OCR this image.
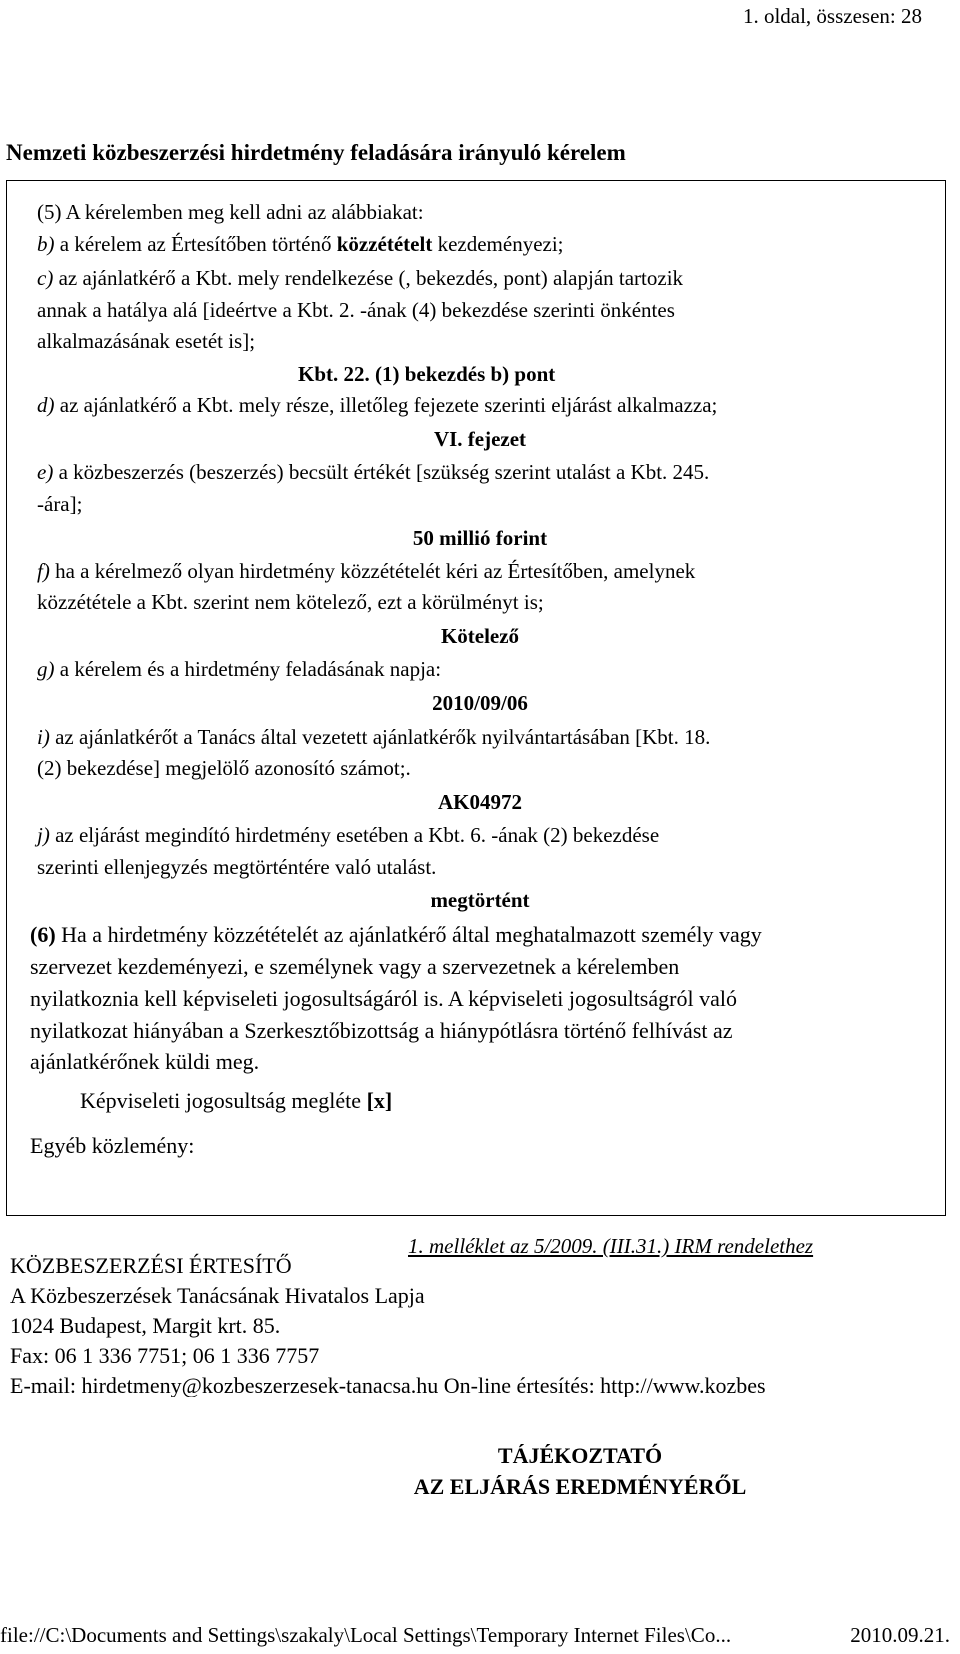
1. oldal, összesen: 28
Nemzeti közbeszerzési hirdetmény feladására irányuló kérelem
(5) A kérelemben meg kell adni az alábbiakat:
b) a kérelem az Értesítőben történő közzétételt kezdeményezi;
c) az ajánlatkérő a Kbt. mely rendelkezése (, bekezdés, pont) alapján tartozik
annak a hatálya alá [ideértve a Kbt. 2. -ának (4) bekezdése szerinti önkéntes
alkalmazásának esetét is];
Kbt. 22. (1) bekezdés b) pont
d) az ajánlatkérő a Kbt. mely része, illetőleg fejezete szerinti eljárást alkalmazza;
VI. fejezet
e) a közbeszerzés (beszerzés) becsült értékét [szükség szerint utalást a Kbt. 245.
-ára];
50 millió forint
f) ha a kérelmező olyan hirdetmény közzétételét kéri az Értesítőben, amelynek
közzététele a Kbt. szerint nem kötelező, ezt a körülményt is;
Kötelező
g) a kérelem és a hirdetmény feladásának napja:
2010/09/06
i) az ajánlatkérőt a Tanács által vezetett ajánlatkérők nyilvántartásában [Kbt. 18.
(2) bekezdése] megjelölő azonosító számot;.
AK04972
j) az eljárást megindító hirdetmény esetében a Kbt. 6. -ának (2) bekezdése
szerinti ellenjegyzés megtörténtére való utalást.
megtörtént
(6) Ha a hirdetmény közzétételét az ajánlatkérő által meghatalmazott személy vagy
szervezet kezdeményezi, e személynek vagy a szervezetnek a kérelemben
nyilatkoznia kell képviseleti jogosultságáról is. A képviseleti jogosultságról való
nyilatkozat hiányában a Szerkesztőbizottság a hiánypótlásra történő felhívást az
ajánlatkérőnek küldi meg.
Képviseleti jogosultság megléte [x]
Egyéb közlemény:
1. melléklet az 5/2009. (III.31.) IRM rendelethez
KÖZBESZERZÉSI ÉRTESÍTŐ
A Közbeszerzések Tanácsának Hivatalos Lapja
1024 Budapest, Margit krt. 85.
Fax: 06 1 336 7751; 06 1 336 7757
E-mail: hirdetmeny@kozbeszerzesek-tanacsa.hu On-line értesítés: http://www.kozbes
TÁJÉKOZTATÓ
AZ ELJÁRÁS EREDMÉNYÉRŐL
file://C:\Documents and Settings\szakaly\Local Settings\Temporary Internet Files\Co...	2010.09.21.
